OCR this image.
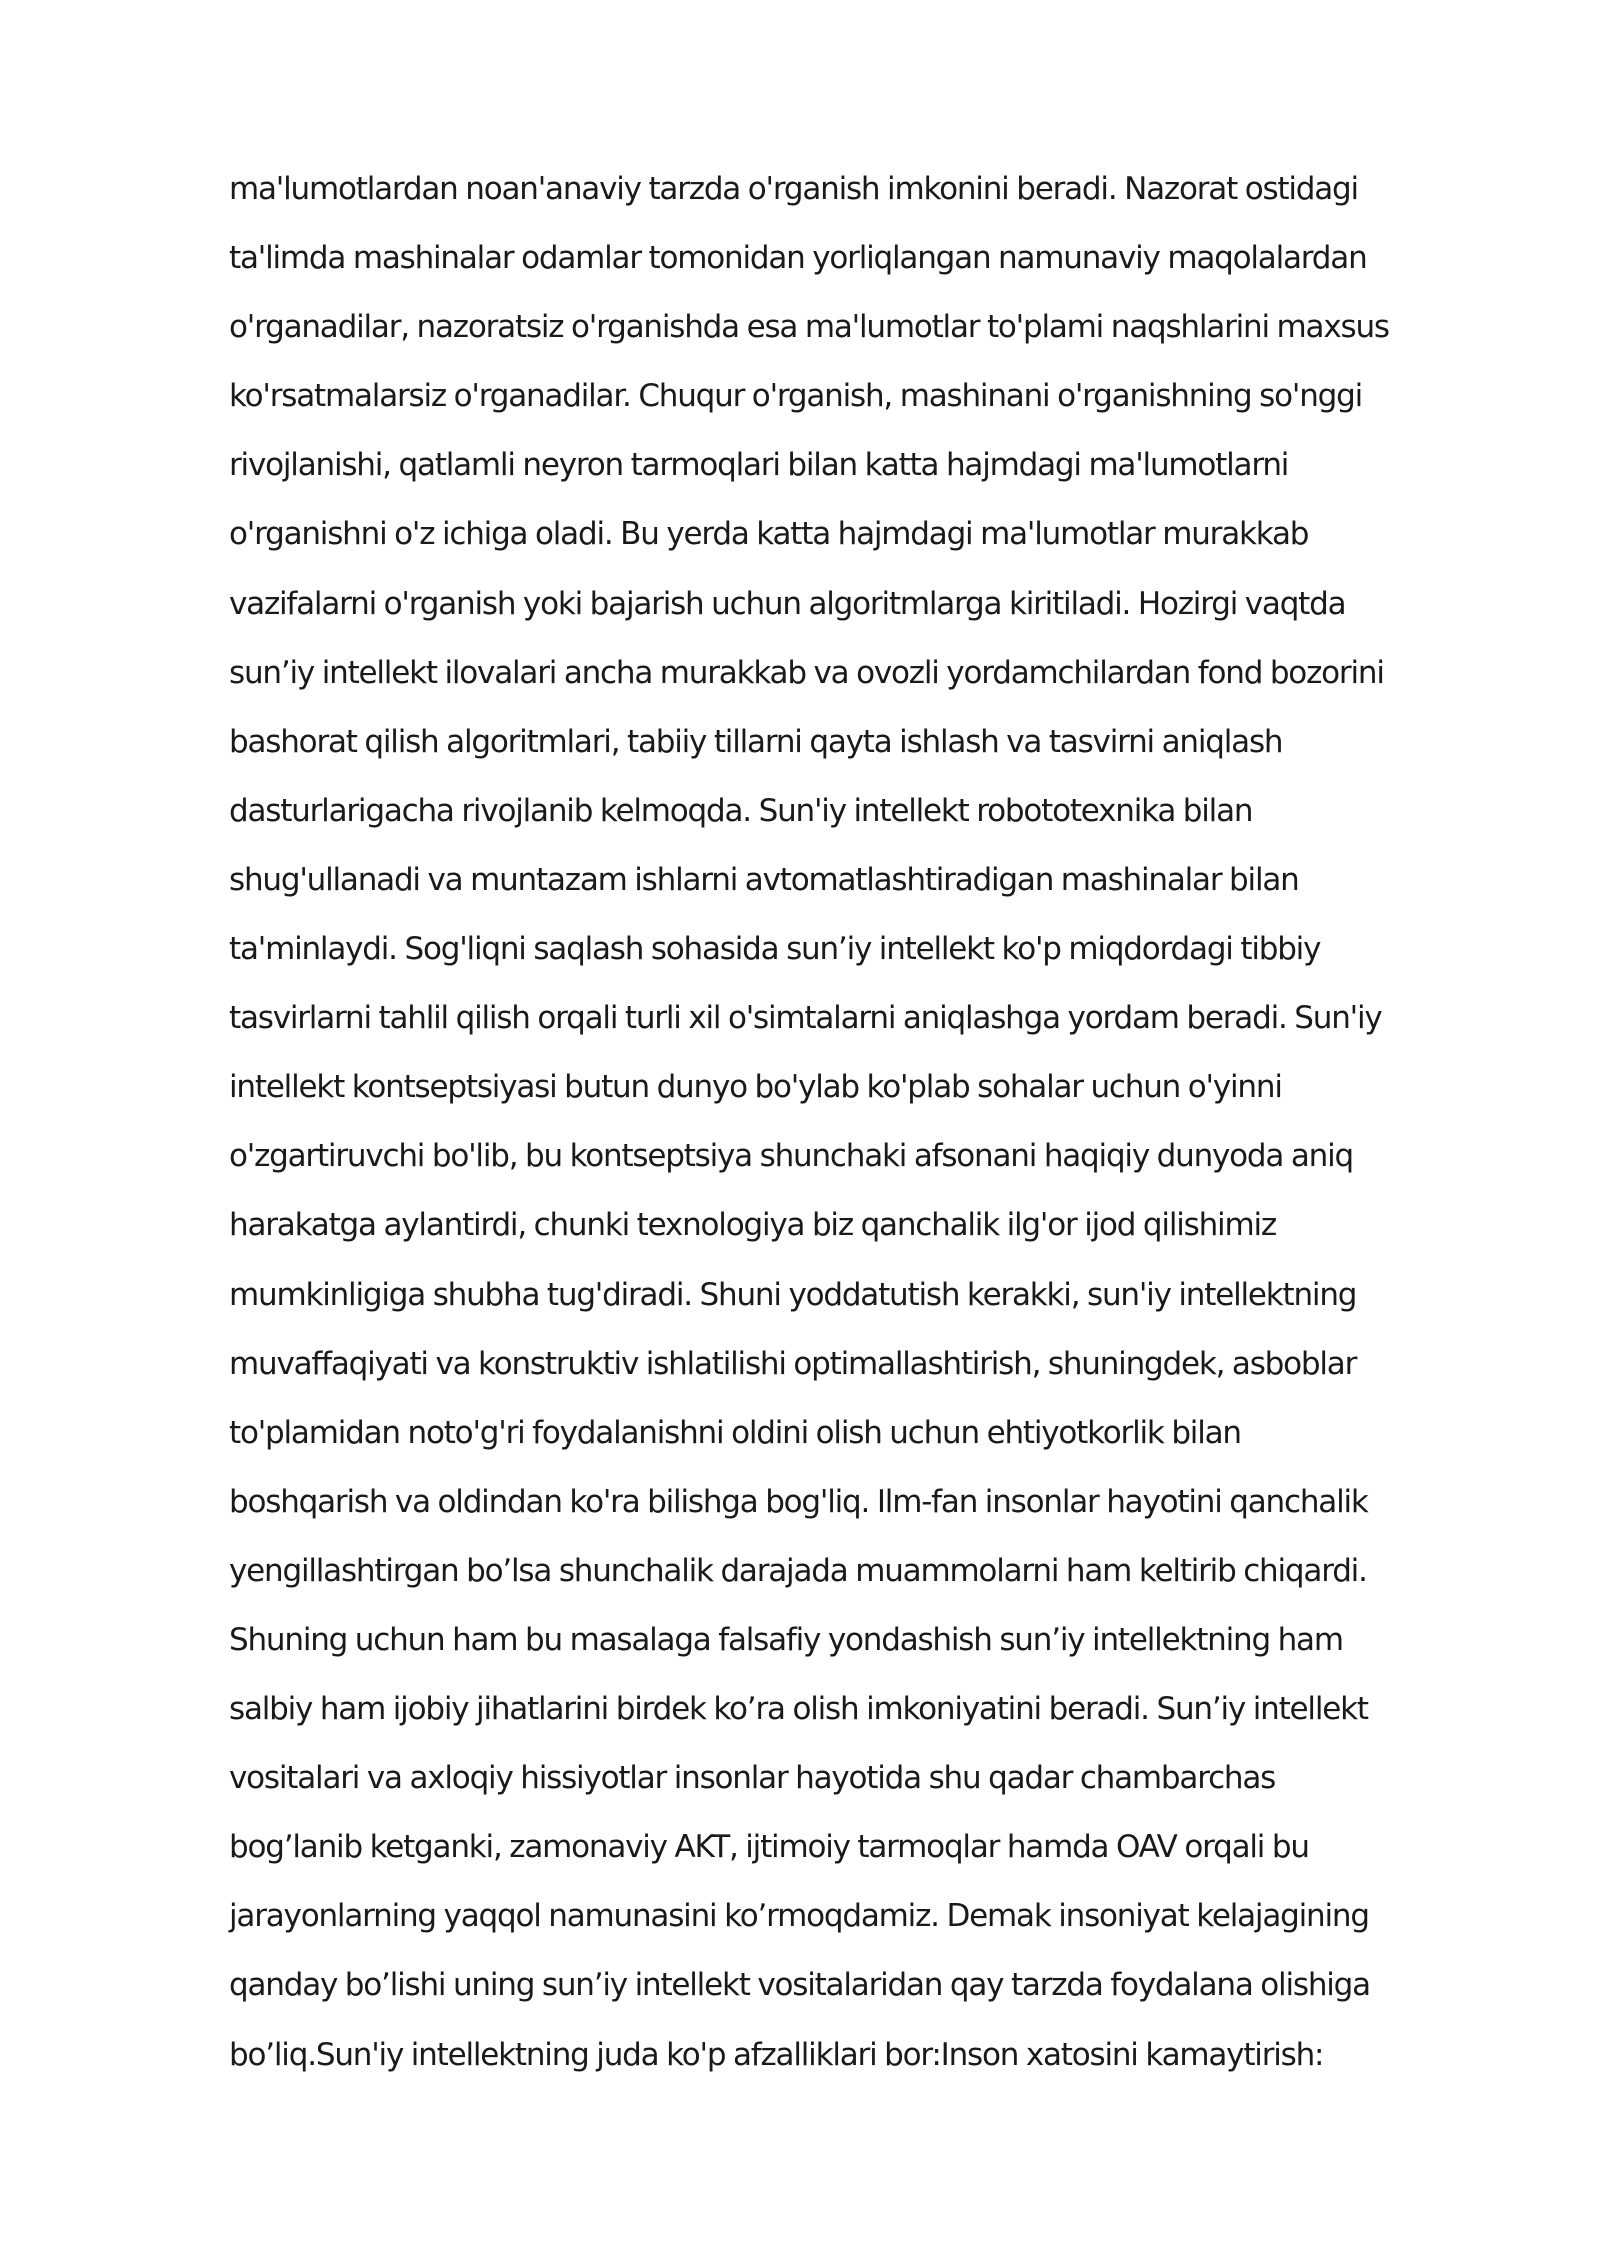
ma'lumotlardan noan'anaviy tarzda o'rganish imkonini beradi. Nazorat ostidagi
ta'limda mashinalar odamlar tomonidan yorliqlangan namunaviy maqolalardan
o'rganadilar, nazoratsiz o'rganishda esa ma'lumotlar to'plami naqshlarini maxsus
ko'rsatmalarsiz o'rganadilar. Chuqur o'rganish, mashinani o'rganishning so'nggi
rivojlanishi, qatlamli neyron tarmoqlari bilan katta hajmdagi ma'lumotlarni
o'rganishni o'z ichiga oladi. Bu yerda katta hajmdagi ma'lumotlar murakkab
vazifalarni o'rganish yoki bajarish uchun algoritmlarga kiritiladi. Hozirgi vaqtda
sun’iy intellekt ilovalari ancha murakkab va ovozli yordamchilardan fond bozorini
bashorat qilish algoritmlari, tabiiy tillarni qayta ishlash va tasvirni aniqlash
dasturlarigacha rivojlanib kelmoqda. Sun'iy intellekt robototexnika bilan
shug'ullanadi va muntazam ishlarni avtomatlashtiradigan mashinalar bilan
ta'minlaydi. Sog'liqni saqlash sohasida sun’iy intellekt ko'p miqdordagi tibbiy
tasvirlarni tahlil qilish orqali turli xil o'simtalarni aniqlashga yordam beradi. Sun'iy
intellekt kontseptsiyasi butun dunyo bo'ylab ko'plab sohalar uchun o'yinni
o'zgartiruvchi bo'lib, bu kontseptsiya shunchaki afsonani haqiqiy dunyoda aniq
harakatga aylantirdi, chunki texnologiya biz qanchalik ilg'or ijod qilishimiz
mumkinligiga shubha tug'diradi. Shuni yoddatutish kerakki, sun'iy intellektning
muvaffaqiyati va konstruktiv ishlatilishi optimallashtirish, shuningdek, asboblar
to'plamidan noto'g'ri foydalanishni oldini olish uchun ehtiyotkorlik bilan
boshqarish va oldindan ko'ra bilishga bog'liq. Ilm-fan insonlar hayotini qanchalik
yengillashtirgan bo’lsa shunchalik darajada muammolarni ham keltirib chiqardi.
Shuning uchun ham bu masalaga falsafiy yondashish sun’iy intellektning ham
salbiy ham ijobiy jihatlarini birdek ko’ra olish imkoniyatini beradi. Sun’iy intellekt
vositalari va axloqiy hissiyotlar insonlar hayotida shu qadar chambarchas
bog’lanib ketganki, zamonaviy AKT, ijtimoiy tarmoqlar hamda OAV orqali bu
jarayonlarning yaqqol namunasini ko’rmoqdamiz. Demak insoniyat kelajagining
qanday bo’lishi uning sun’iy intellekt vositalaridan qay tarzda foydalana olishiga
bo’liq.Sun'iy intellektning juda ko'p afzalliklari bor:Inson xatosini kamaytirish:
